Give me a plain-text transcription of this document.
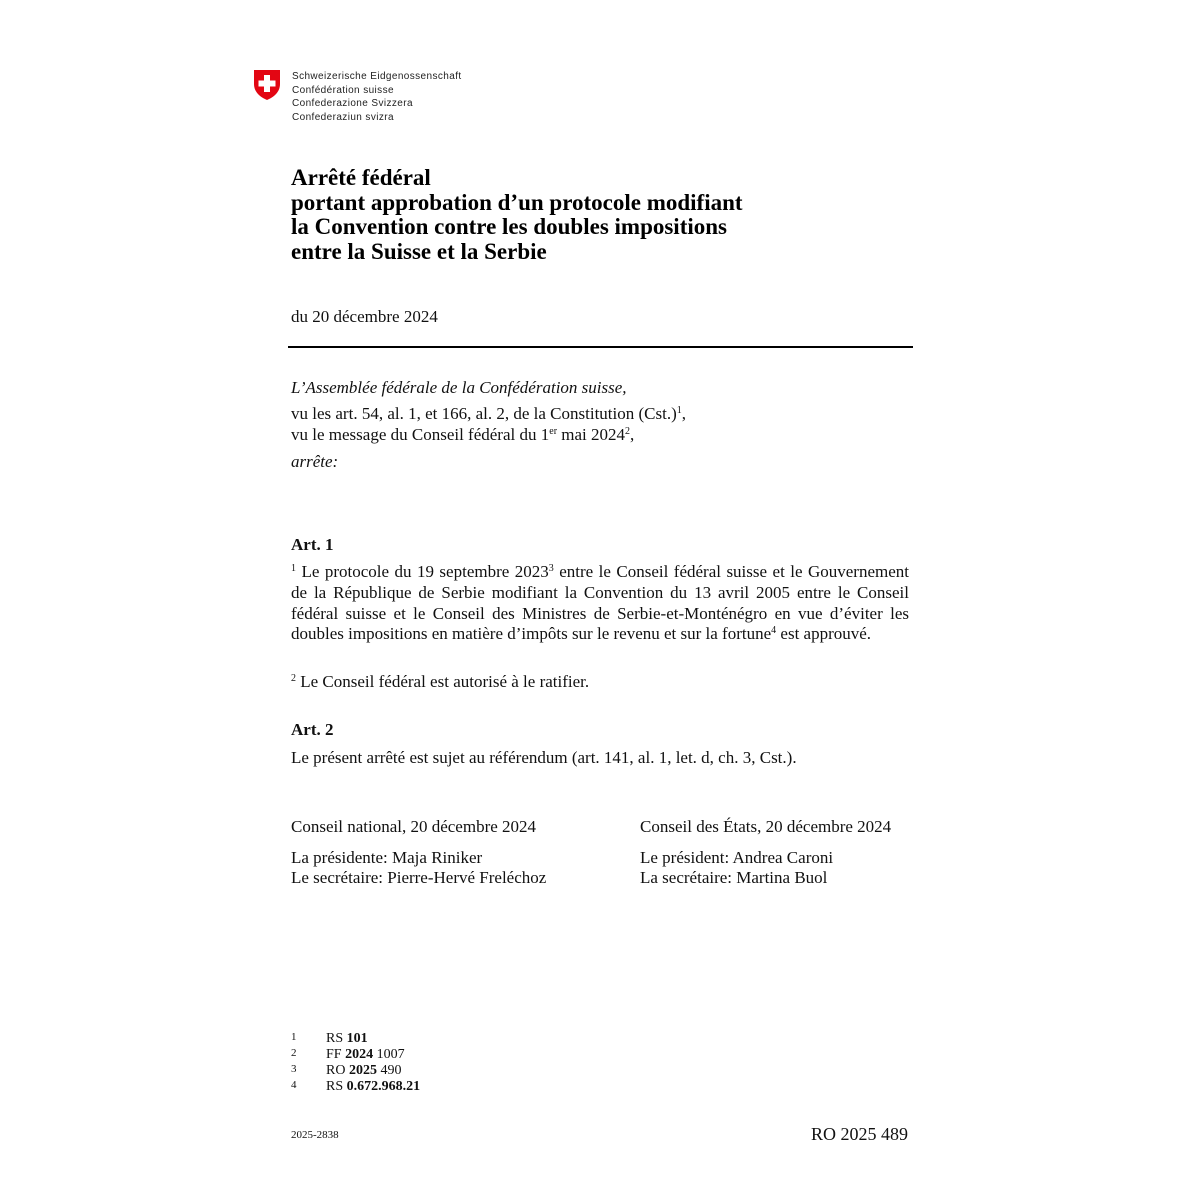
Schweizerische Eidgenossenschaft
Confédération suisse
Confederazione Svizzera
Confederaziun svizra
Arrêté fédéral
portant approbation d’un protocole modifiant
la Convention contre les doubles impositions
entre la Suisse et la Serbie
du 20 décembre 2024
L’Assemblée fédérale de la Confédération suisse,
vu les art. 54, al. 1, et 166, al. 2, de la Constitution $(Cst.)^1$,
vu le message du Conseil fédéral du 1er mai 2024$^2$,
arrête:
Art. 1
$^1$ Le protocole du 19 septembre 2023$^3$ entre le Conseil fédéral suisse et le Gouvernement de la République de Serbie modifiant la Convention du 13 avril 2005 entre le Conseil fédéral suisse et le Conseil des Ministres de Serbie-et-Monténégro en vue d’éviter les doubles impositions en matière d’impôts sur le revenu et sur la fortune$^4$ est approuvé.
$^2$ Le Conseil fédéral est autorisé à le ratifier.
Art. 2
Le présent arrêté est sujet au référendum (art. 141, al. 1, let. d, ch. 3, Cst.).
Conseil national, 20 décembre 2024
La présidente: Maja Riniker
Le secrétaire: Pierre-Hervé Freléchoz
Conseil des États, 20 décembre 2024
Le président: Andrea Caroni
La secrétaire: Martina Buol
1	RS 101
2	FF 2024 1007
3	RO 2025 490
4	RS 0.672.968.21
2025-2838	RO 2025 489
